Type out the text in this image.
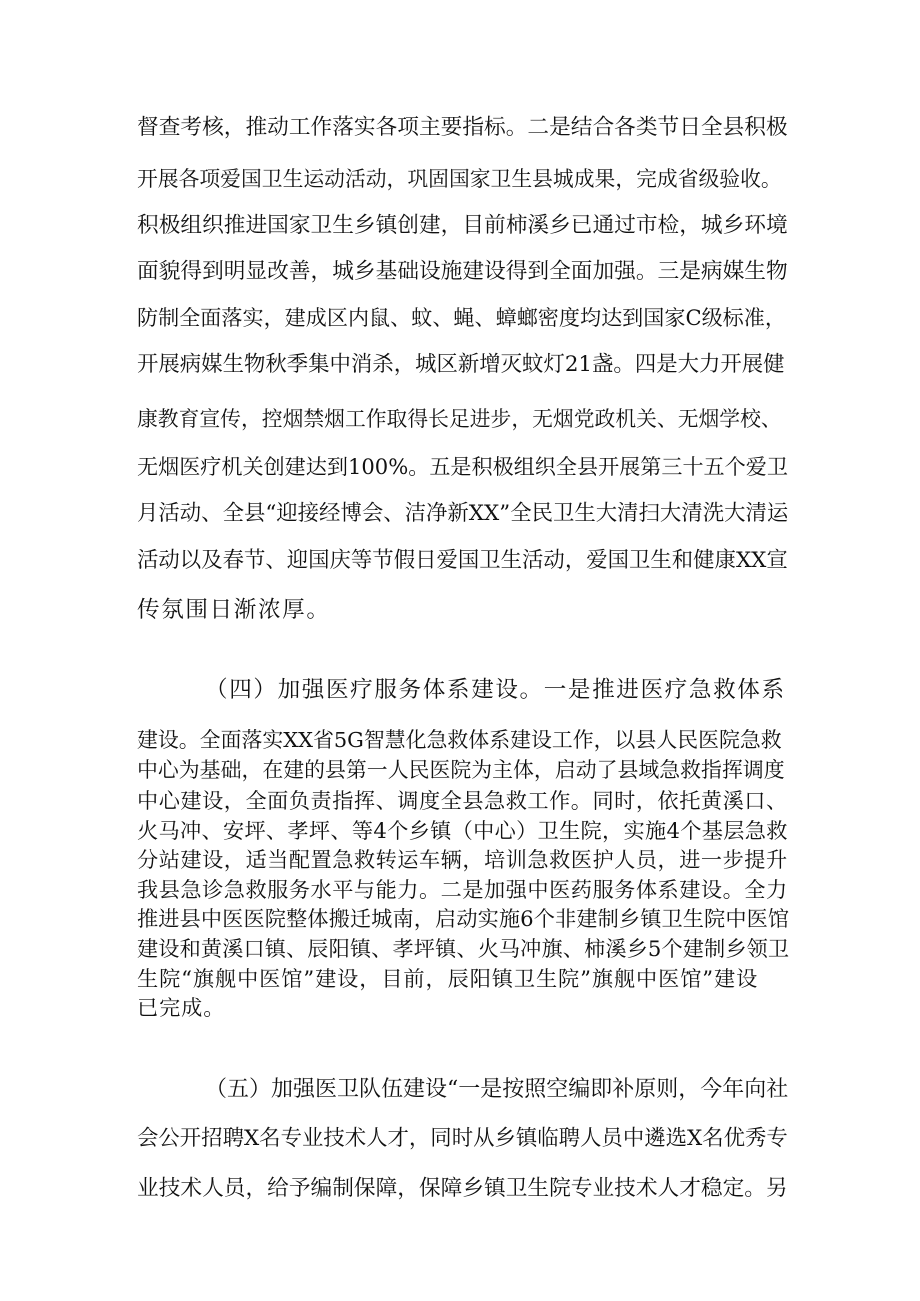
督查考核，推动工作落实各项主要指标。二是结合各类节日全县积极
开展各项爱国卫生运动活动，巩固国家卫生县城成果，完成省级验收。
积极组织推进国家卫生乡镇创建，目前柿溪乡已通过市检，城乡环境
面貌得到明显改善，城乡基础设施建设得到全面加强。三是病媒生物
防制全面落实，建成区内鼠、蚊、蝇、蟑螂密度均达到国家C级标准，
开展病媒生物秋季集中消杀，城区新增灭蚊灯21盏。四是大力开展健
康教育宣传，控烟禁烟工作取得长足进步，无烟党政机关、无烟学校、
无烟医疗机关创建达到100%。五是积极组织全县开展第三十五个爱卫
月活动、全县“迎接经博会、洁净新XX”全民卫生大清扫大清洗大清运
活动以及春节、迎国庆等节假日爱国卫生活动，爱国卫生和健康XX宣
传氛围日渐浓厚。
（四）加强医疗服务体系建设。一是推进医疗急救体系
建设。全面落实XX省5G智慧化急救体系建设工作，以县人民医院急救
中心为基础，在建的县第一人民医院为主体，启动了县域急救指挥调度
中心建设，全面负责指挥、调度全县急救工作。同时，依托黄溪口、
火马冲、安坪、孝坪、等4个乡镇（中心）卫生院，实施4个基层急救
分站建设，适当配置急救转运车辆，培训急救医护人员，进一步提升
我县急诊急救服务水平与能力。二是加强中医药服务体系建设。全力
推进县中医医院整体搬迁城南，启动实施6个非建制乡镇卫生院中医馆
建设和黄溪口镇、辰阳镇、孝坪镇、火马冲旗、柿溪乡5个建制乡领卫
生院“旗舰中医馆”建设，目前，辰阳镇卫生院”旗舰中医馆”建设
已完成。
（五）加强医卫队伍建设“一是按照空编即补原则，今年向社
会公开招聘X名专业技术人才，同时从乡镇临聘人员中遴选X名优秀专
业技术人员，给予编制保障，保障乡镇卫生院专业技术人才稳定。另
